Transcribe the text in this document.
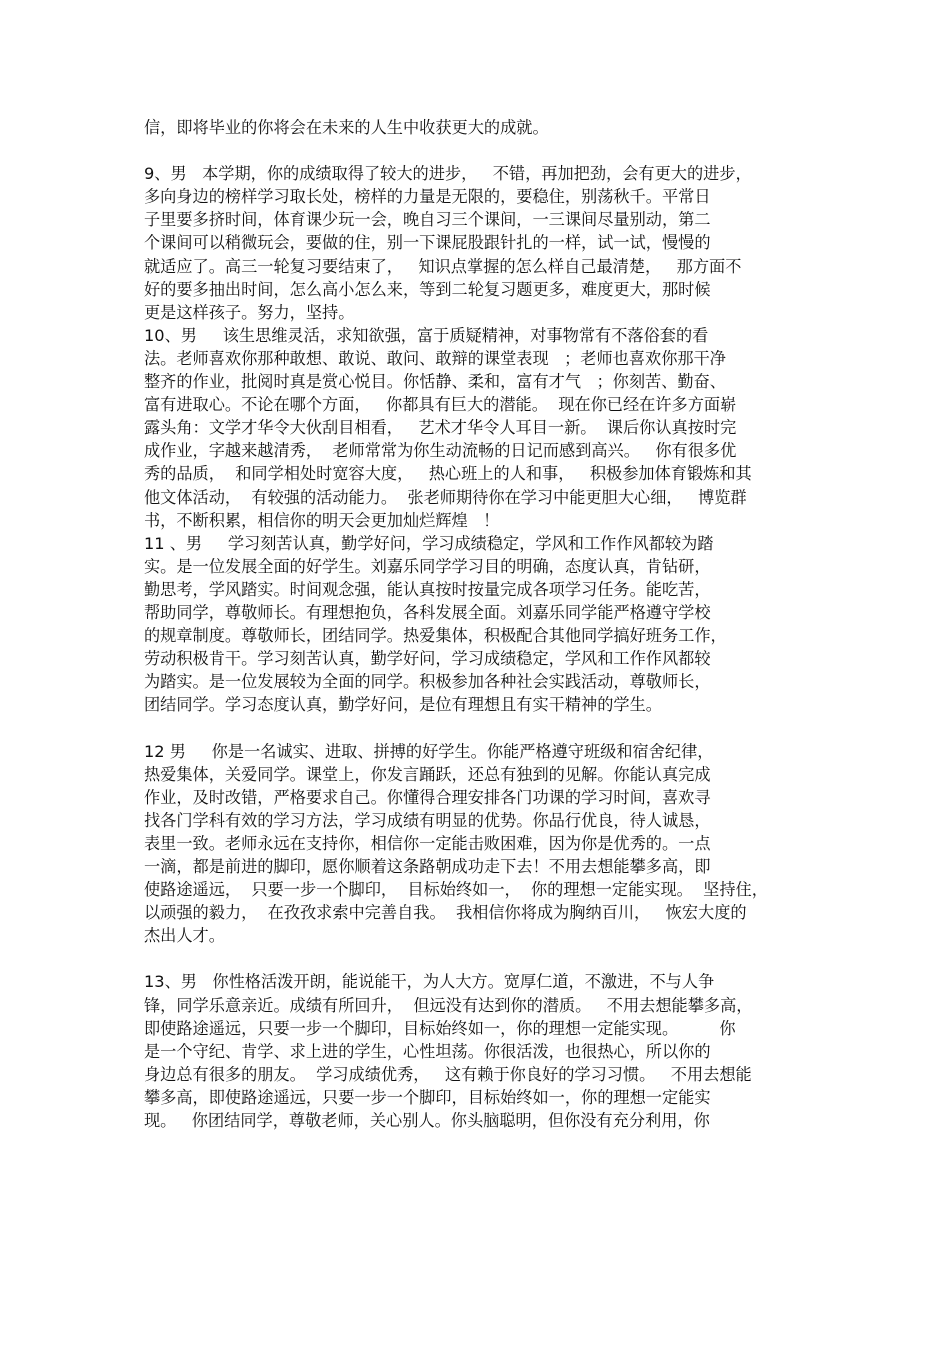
信，即将毕业的你将会在未来的人生中收获更大的成就。
9、男   本学期，你的成绩取得了较大的进步，   不错，再加把劲，会有更大的进步，
多向身边的榜样学习取长处，榜样的力量是无限的，要稳住，别荡秋千。平常日
子里要多挤时间，体育课少玩一会，晚自习三个课间，一三课间尽量别动，第二
个课间可以稍微玩会，要做的住，别一下课屁股跟针扎的一样，试一试，慢慢的
就适应了。高三一轮复习要结束了，   知识点掌握的怎么样自己最清楚，   那方面不
好的要多抽出时间，怎么高小怎么来，等到二轮复习题更多，难度更大，那时候
更是这样孩子。努力，坚持。
10、男     该生思维灵活，求知欲强，富于质疑精神，对事物常有不落俗套的看
法。老师喜欢你那种敢想、敢说、敢问、敢辩的课堂表现   ；老师也喜欢你那干净
整齐的作业，批阅时真是赏心悦目。你恬静、柔和，富有才气   ；你刻苦、勤奋、
富有进取心。不论在哪个方面，   你都具有巨大的潜能。  现在你已经在许多方面崭
露头角：文学才华令大伙刮目相看，   艺术才华令人耳目一新。  课后你认真按时完
成作业，字越来越清秀，  老师常常为你生动流畅的日记而感到高兴。   你有很多优
秀的品质，  和同学相处时宽容大度，   热心班上的人和事，   积极参加体育锻炼和其
他文体活动，  有较强的活动能力。  张老师期待你在学习中能更胆大心细，   博览群
书，不断积累，相信你的明天会更加灿烂辉煌   ！
11 、男     学习刻苦认真，勤学好问，学习成绩稳定，学风和工作作风都较为踏
实。是一位发展全面的好学生。刘嘉乐同学学习目的明确，态度认真，肯钻研，
勤思考，学风踏实。时间观念强，能认真按时按量完成各项学习任务。能吃苦，
帮助同学，尊敬师长。有理想抱负，各科发展全面。刘嘉乐同学能严格遵守学校
的规章制度。尊敬师长，团结同学。热爱集体，积极配合其他同学搞好班务工作，
劳动积极肯干。学习刻苦认真，勤学好问，学习成绩稳定，学风和工作作风都较
为踏实。是一位发展较为全面的同学。积极参加各种社会实践活动，尊敬师长，
团结同学。学习态度认真，勤学好问，是位有理想且有实干精神的学生。
12 男     你是一名诚实、进取、拼搏的好学生。你能严格遵守班级和宿舍纪律，
热爱集体，关爱同学。课堂上，你发言踊跃，还总有独到的见解。你能认真完成
作业，及时改错，严格要求自己。你懂得合理安排各门功课的学习时间，喜欢寻
找各门学科有效的学习方法，学习成绩有明显的优势。你品行优良，待人诚恳，
表里一致。老师永远在支持你，相信你一定能击败困难，因为你是优秀的。一点
一滴，都是前进的脚印，愿你顺着这条路朝成功走下去！不用去想能攀多高，即
使路途遥远，  只要一步一个脚印，  目标始终如一，  你的理想一定能实现。  坚持住，
以顽强的毅力，  在孜孜求索中完善自我。  我相信你将成为胸纳百川，   恢宏大度的
杰出人才。
13、男   你性格活泼开朗，能说能干，为人大方。宽厚仁道，不激进，不与人争
锋，同学乐意亲近。成绩有所回升，  但远没有达到你的潜质。   不用去想能攀多高，
即使路途遥远，只要一步一个脚印，目标始终如一，你的理想一定能实现。        你
是一个守纪、肯学、求上进的学生，心性坦荡。你很活泼，也很热心，所以你的
身边总有很多的朋友。  学习成绩优秀，   这有赖于你良好的学习习惯。   不用去想能
攀多高，即使路途遥远，只要一步一个脚印，目标始终如一，你的理想一定能实
现。   你团结同学，尊敬老师，关心别人。你头脑聪明，但你没有充分利用，你
